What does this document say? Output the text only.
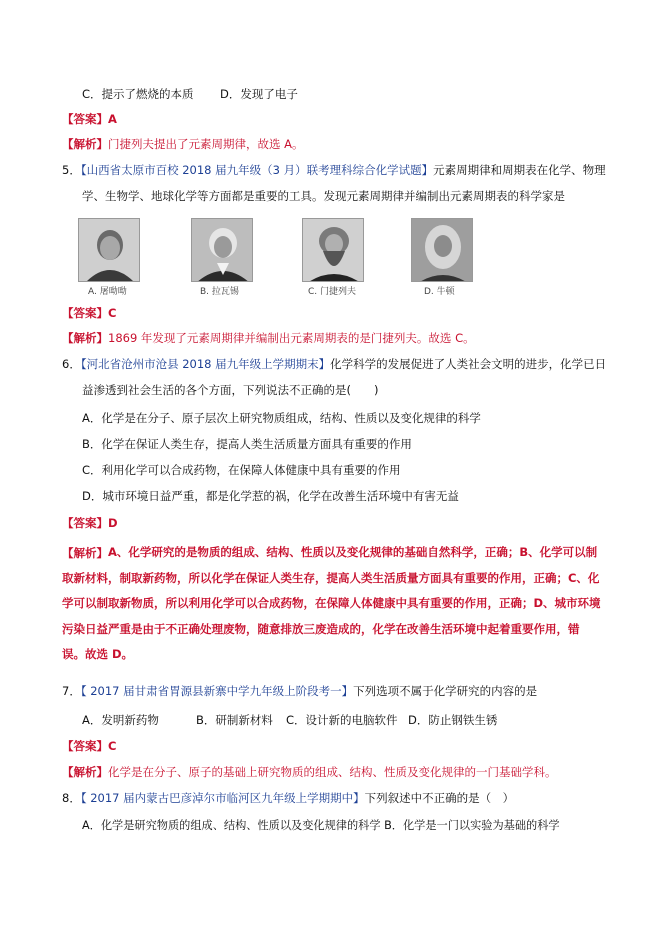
C．提示了燃烧的本质 D．发现了电子
【答案】A
【解析】门捷列夫提出了元素周期律，故选 A。
5．【山西省太原市百校 2018 届九年级（3 月）联考理科综合化学试题】元素周期律和周期表在化学、物理
学、生物学、地球化学等方面都是重要的工具。发现元素周期律并编制出元素周期表的科学家是
A. 屠呦呦	B. 拉瓦锡	C. 门捷列夫	D. 牛顿
【答案】C
【解析】1869 年发现了元素周期律并编制出元素周期表的是门捷列夫。故选 C。
6．【河北省沧州市沧县 2018 届九年级上学期期末】化学科学的发展促进了人类社会文明的进步，化学已日
益渗透到社会生活的各个方面，下列说法不正确的是(　　)
A．化学是在分子、原子层次上研究物质组成，结构、性质以及变化规律的科学
B．化学在保证人类生存，提高人类生活质量方面具有重要的作用
C．利用化学可以合成药物，在保障人体健康中具有重要的作用
D．城市环境日益严重，都是化学惹的祸，化学在改善生活环境中有害无益
【答案】D
【解析】 A、化学研究的是物质的组成、结构、性质以及变化规律的基础自然科学，正确；B、化学可以制取新材料，制取新药物，所以化学在保证人类生存，提高人类生活质量方面具有重要的作用，正确；C、化学可以制取新物质，所以利用化学可以合成药物，在保障人体健康中具有重要的作用，正确；D、城市环境污染日益严重是由于不正确处理废物，随意排放三废造成的，化学在改善生活环境中起着重要作用，错误。故选 D。
7．【 2017 届甘肃省胃源县新寨中学九年级上阶段考一】下列选项不属于化学研究的内容的是
A．发明新药物	B．研制新材料 C．设计新的电脑软件 D．防止钢铁生锈
【答案】C
【解析】化学是在分子、原子的基础上研究物质的组成、结构、性质及变化规律的一门基础学科。
8．【 2017 届内蒙古巴彦淖尔市临河区九年级上学期期中】下列叙述中不正确的是（　）
A．化学是研究物质的组成、结构、性质以及变化规律的科学 B．化学是一门以实验为基础的科学
